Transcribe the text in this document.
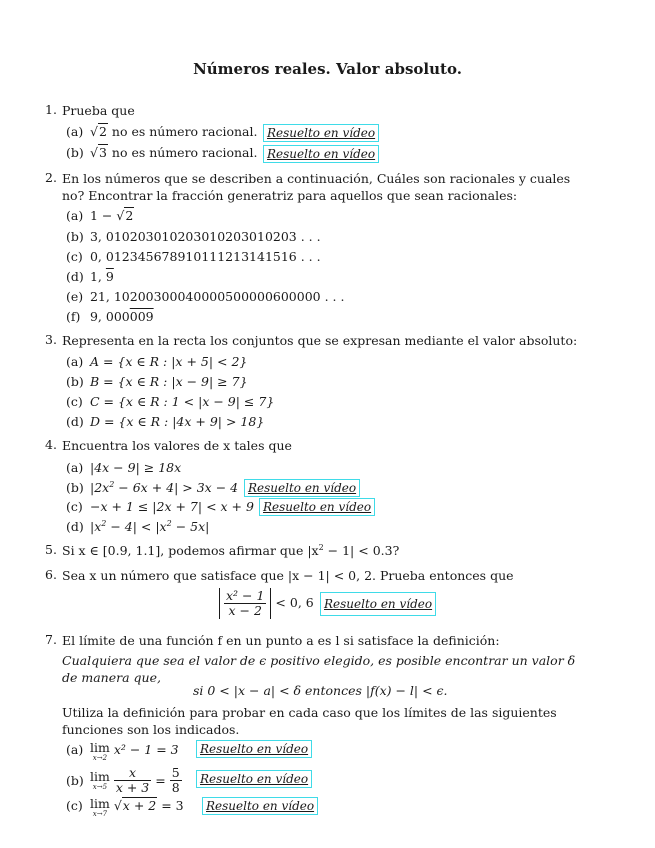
Números reales. Valor absoluto.
1. Prueba que
(a) √2 no es número racional. Resuelto en vídeo
(b) √3 no es número racional. Resuelto en vídeo
2. En los números que se describen a continuación, Cuáles son racionales y cuales no? Encontrar la fracción generatriz para aquellos que sean racionales:
(a) 1 − √2
(b) 3, 010203010203010203010203 . . .
(c) 0, 012345678910111213141516 . . .
(d) 1, 9
(e) 21, 10200300040000500000600000 . . .
(f) 9, 000009
3. Representa en la recta los conjuntos que se expresan mediante el valor absoluto:
(a) A = {x ∈ R : |x + 5| < 2}
(b) B = {x ∈ R : |x − 9| ≥ 7}
(c) C = {x ∈ R : 1 < |x − 9| ≤ 7}
(d) D = {x ∈ R : |4x + 9| > 18}
4. Encuentra los valores de x tales que
(a) |4x − 9| ≥ 18x
(b) $|2x^2 - 6x + 4| > 3x - 4$ Resuelto en vídeo
(c) −x + 1 ≤ |2x + 7| < x + 9 Resuelto en vídeo
(d) $|x^2 - 4| < |x^2 - 5x|$
5. Si x ∈ [0.9, 1.1], podemos afirmar que $|x^2 - 1| < 0.3$?
6. Sea x un número que satisface que |x − 1| < 0, 2. Prueba entonces que
$\frac{\text{x² − 1}}{x - 2} < 0$, 6 Resuelto en vídeo
7. El límite de una función f en un punto a es l si satisface la definición:
Cualquiera que sea el valor de ϵ positivo elegido, es posible encontrar un valor δ de manera que,
si 0 < |x − a| < δ entonces |f(x) − l| < ϵ.
Utiliza la definición para probar en cada caso que los límites de las siguientes funciones son los indicados.
(a) lim
x→2
x² − 1 = 3	Resuelto en vídeo
(b) lim
x→5
$\frac{x}{x + 3} = \frac{5}{8}$	Resuelto en vídeo
(c) lim
x→7
√x + 2 = 3	Resuelto en vídeo
